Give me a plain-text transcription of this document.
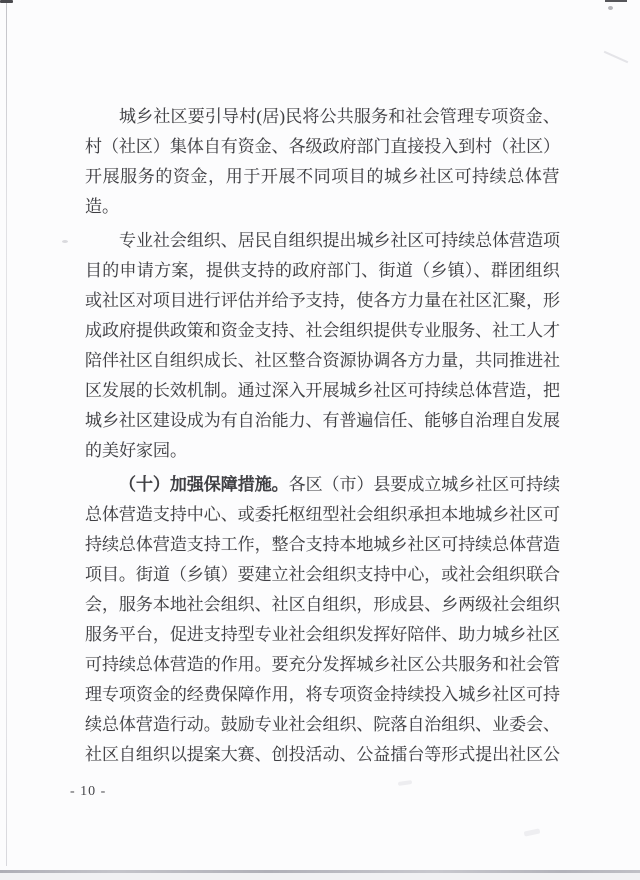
城乡社区要引导村(居)民将公共服务和社会管理专项资金、
村（社区）集体自有资金、各级政府部门直接投入到村（社区）
开展服务的资金，用于开展不同项目的城乡社区可持续总体营
造。
专业社会组织、居民自组织提出城乡社区可持续总体营造项
目的申请方案，提供支持的政府部门、街道（乡镇）、群团组织
或社区对项目进行评估并给予支持，使各方力量在社区汇聚，形
成政府提供政策和资金支持、社会组织提供专业服务、社工人才
陪伴社区自组织成长、社区整合资源协调各方力量，共同推进社
区发展的长效机制。通过深入开展城乡社区可持续总体营造，把
城乡社区建设成为有自治能力、有普遍信任、能够自治理自发展
的美好家园。
（十）加强保障措施。各区（市）县要成立城乡社区可持续
总体营造支持中心、或委托枢纽型社会组织承担本地城乡社区可
持续总体营造支持工作，整合支持本地城乡社区可持续总体营造
项目。街道（乡镇）要建立社会组织支持中心，或社会组织联合
会，服务本地社会组织、社区自组织，形成县、乡两级社会组织
服务平台，促进支持型专业社会组织发挥好陪伴、助力城乡社区
可持续总体营造的作用。要充分发挥城乡社区公共服务和社会管
理专项资金的经费保障作用，将专项资金持续投入城乡社区可持
续总体营造行动。鼓励专业社会组织、院落自治组织、业委会、
社区自组织以提案大赛、创投活动、公益擂台等形式提出社区公
- 10 -
